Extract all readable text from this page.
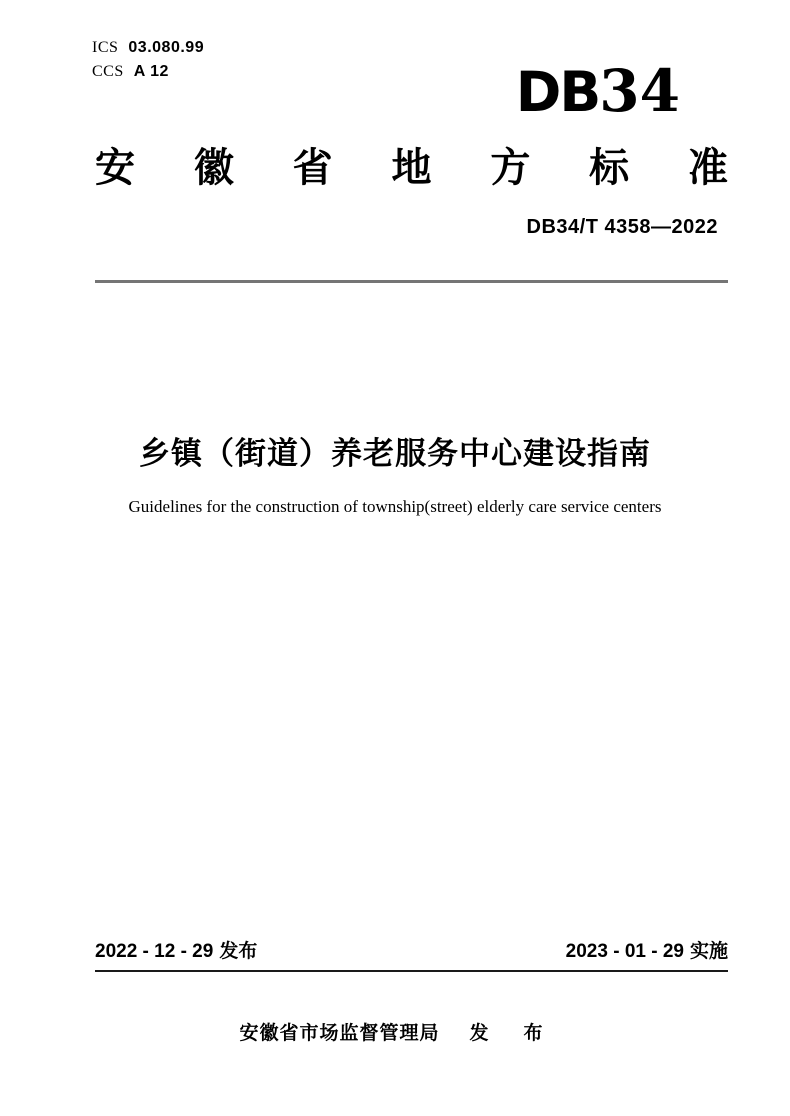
ICS 03.080.99
CCS A 12	DB34
安 徽 省 地 方 标 准
DB34/T 4358—2022
乡镇（街道）养老服务中心建设指南
Guidelines for the construction of township(street) elderly care service centers
2022 - 12 - 29 发布	2023 - 01 - 29 实施
安徽省市场监督管理局 发　布
